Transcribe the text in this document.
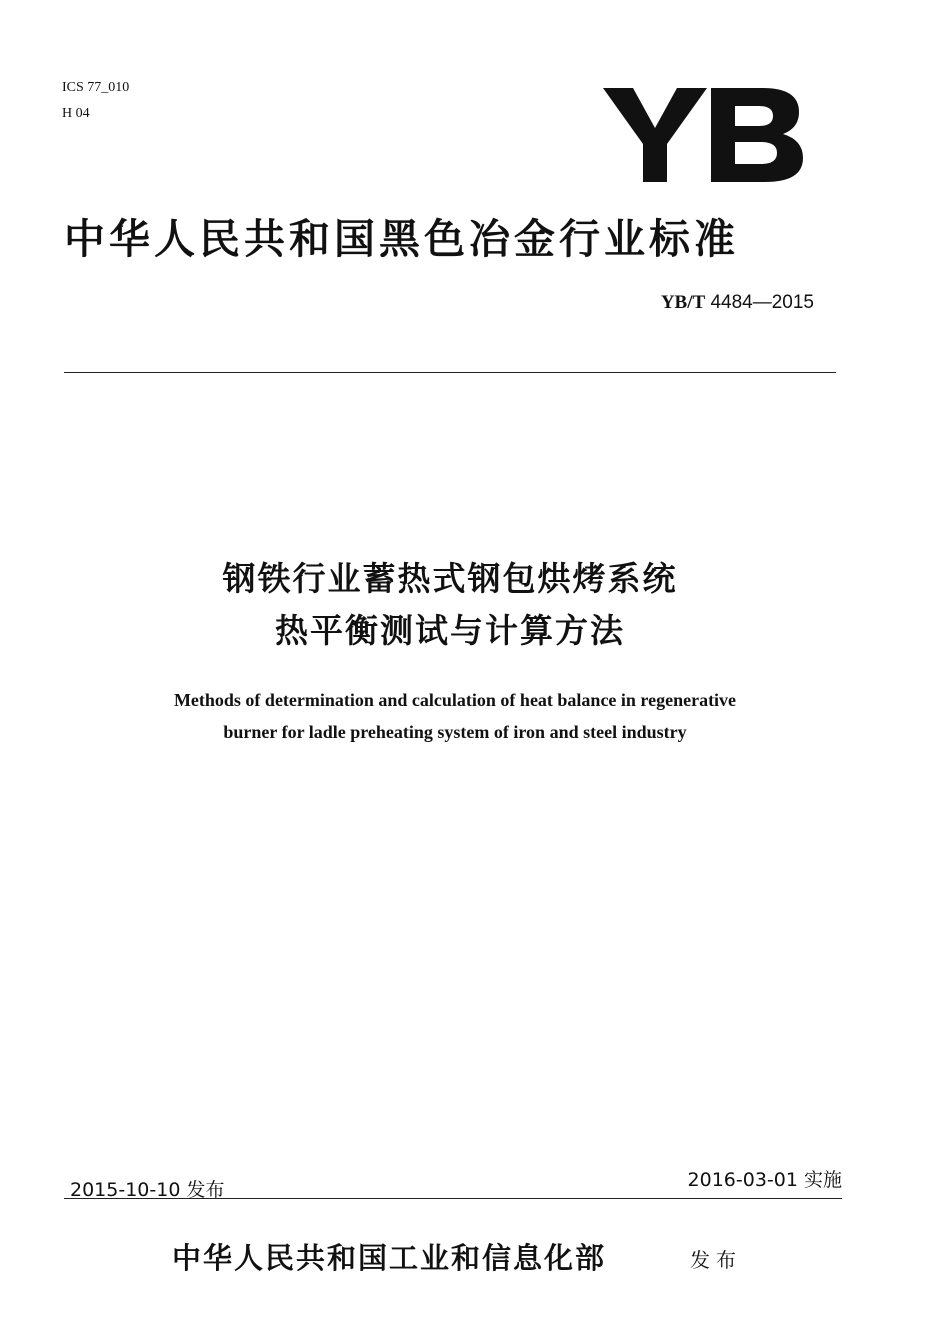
ICS 77_010
H 04
中华人民共和国黑色冶金行业标准
YB/T 4484—2015
钢铁行业蓄热式钢包烘烤系统
热平衡测试与计算方法
Methods of determination and calculation of heat balance in regenerative
burner for ladle preheating system of iron and steel industry
2015-10-10 发布	2016-03-01 实施
中华人民共和国工业和信息化部	发布
